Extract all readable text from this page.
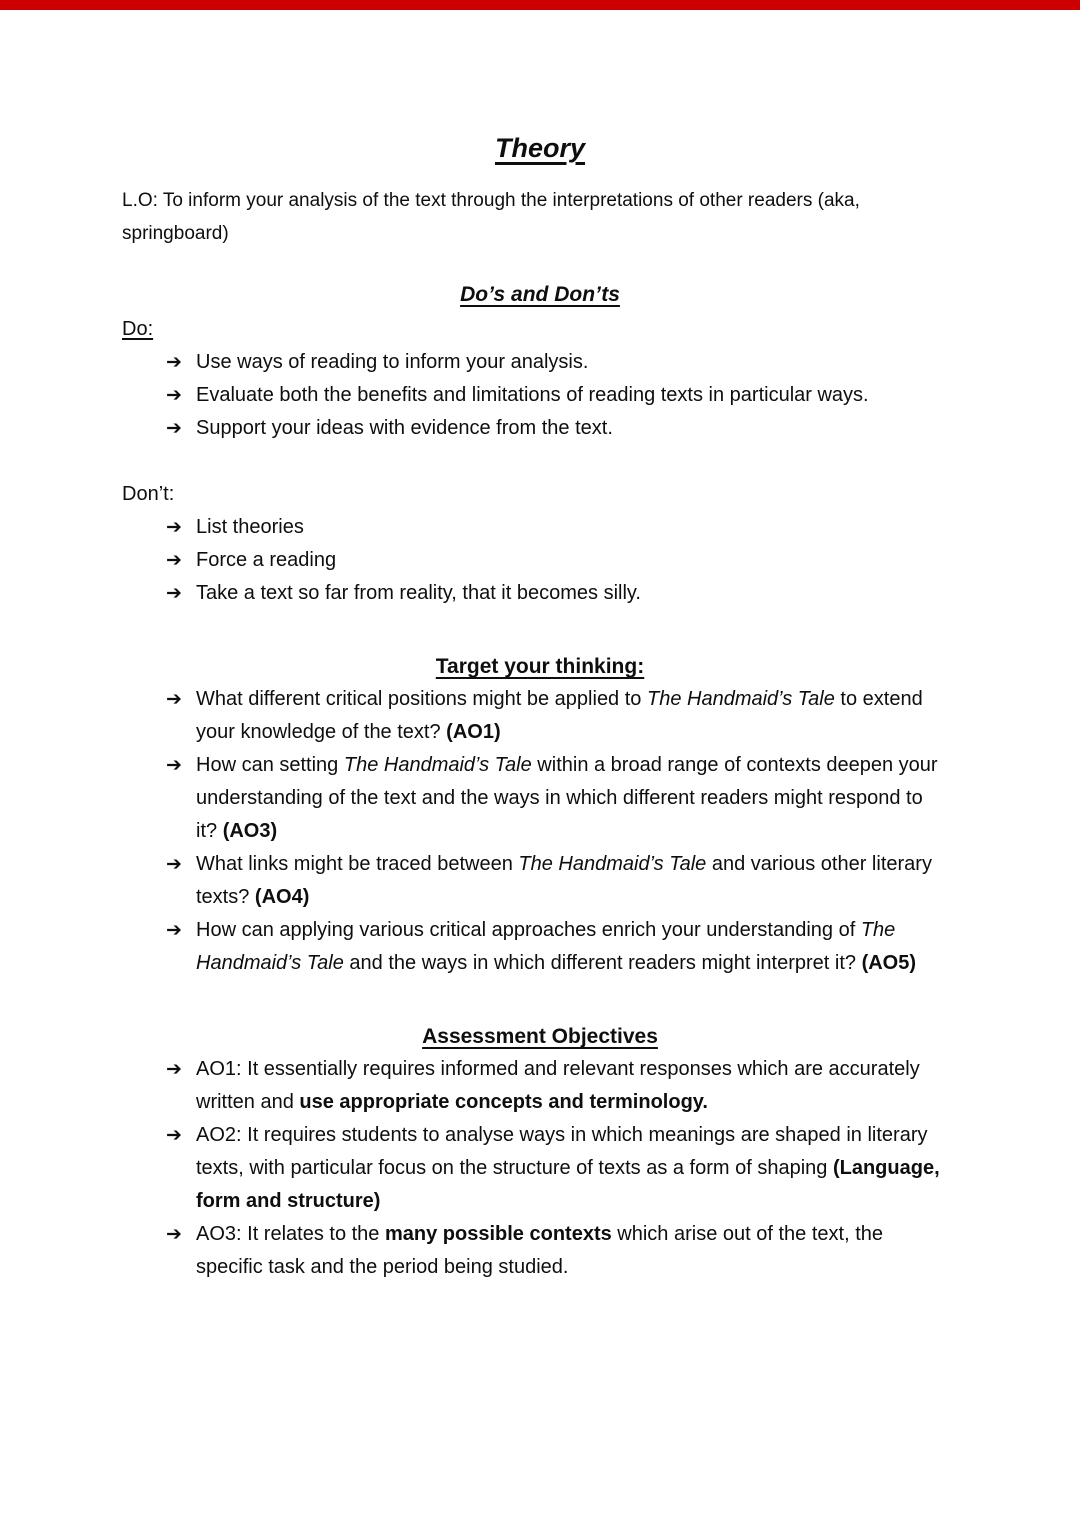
Theory

L.O: To inform your analysis of the text through the interpretations of other readers (aka, springboard)

Do’s and Don’ts

Do:

➔ Use ways of reading to inform your analysis.
➔ Evaluate both the benefits and limitations of reading texts in particular ways.
➔ Support your ideas with evidence from the text.

Don’t:

➔ List theories
➔ Force a reading
➔ Take a text so far from reality, that it becomes silly.
Target your thinking:
➔ What different critical positions might be applied to The Handmaid’s Tale to extend your knowledge of the text? (AO1)
➔ How can setting The Handmaid’s Tale within a broad range of contexts deepen your understanding of the text and the ways in which different readers might respond to it? (AO3)
➔ What links might be traced between The Handmaid’s Tale and various other literary texts? (AO4)
➔ How can applying various critical approaches enrich your understanding of The Handmaid’s Tale and the ways in which different readers might interpret it? (AO5)
Assessment Objectives
➔ AO1: It essentially requires informed and relevant responses which are accurately written and use appropriate concepts and terminology.
➔ AO2: It requires students to analyse ways in which meanings are shaped in literary texts, with particular focus on the structure of texts as a form of shaping (Language, form and structure)
➔ AO3: It relates to the many possible contexts which arise out of the text, the specific task and the period being studied.
